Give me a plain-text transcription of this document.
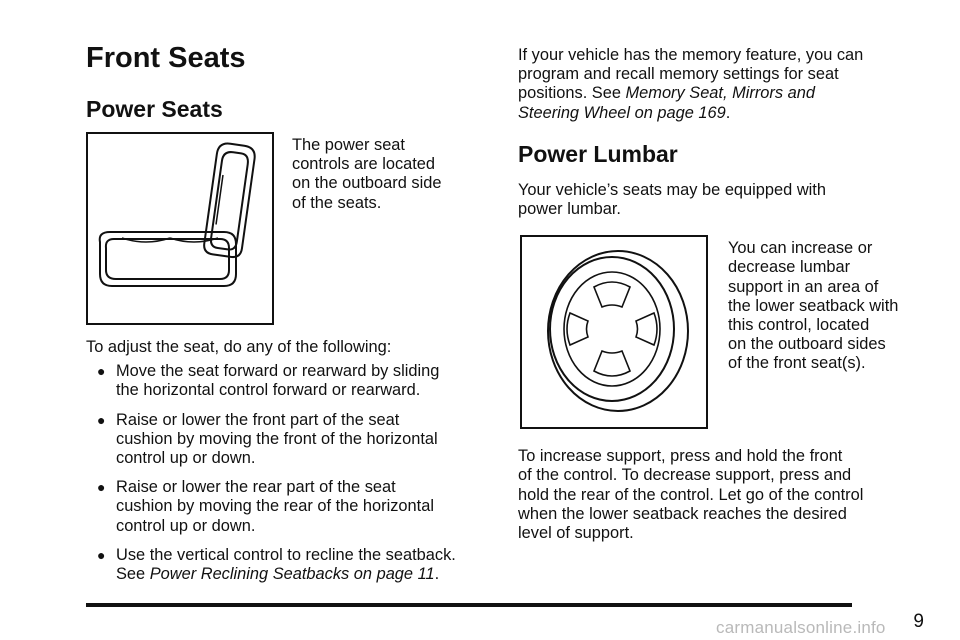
Front Seats
Power Seats

The power seat

controls are located

on the outboard side

of the seats.

To adjust the seat, do any of the following:

● Move the seat forward or rearward by sliding
the horizontal control forward or rearward.
● Raise or lower the front part of the seat
cushion by moving the front of the horizontal
control up or down.
● Raise or lower the rear part of the seat
cushion by moving the rear of the horizontal
control up or down.
● Use the vertical control to recline the seatback.
See Power Reclining Seatbacks on page 11.

If your vehicle has the memory feature, you can

program and recall memory settings for seat

positions. See Memory Seat, Mirrors and

Steering Wheel on page 169.

Power Lumbar

Your vehicle’s seats may be equipped with

power lumbar.

You can increase or

decrease lumbar

support in an area of

the lower seatback with

this control, located

on the outboard sides

of the front seat(s).

To increase support, press and hold the front

of the control. To decrease support, press and

hold the rear of the control. Let go of the control

when the lower seatback reaches the desired

level of support.

9
carmanualsonline.info
